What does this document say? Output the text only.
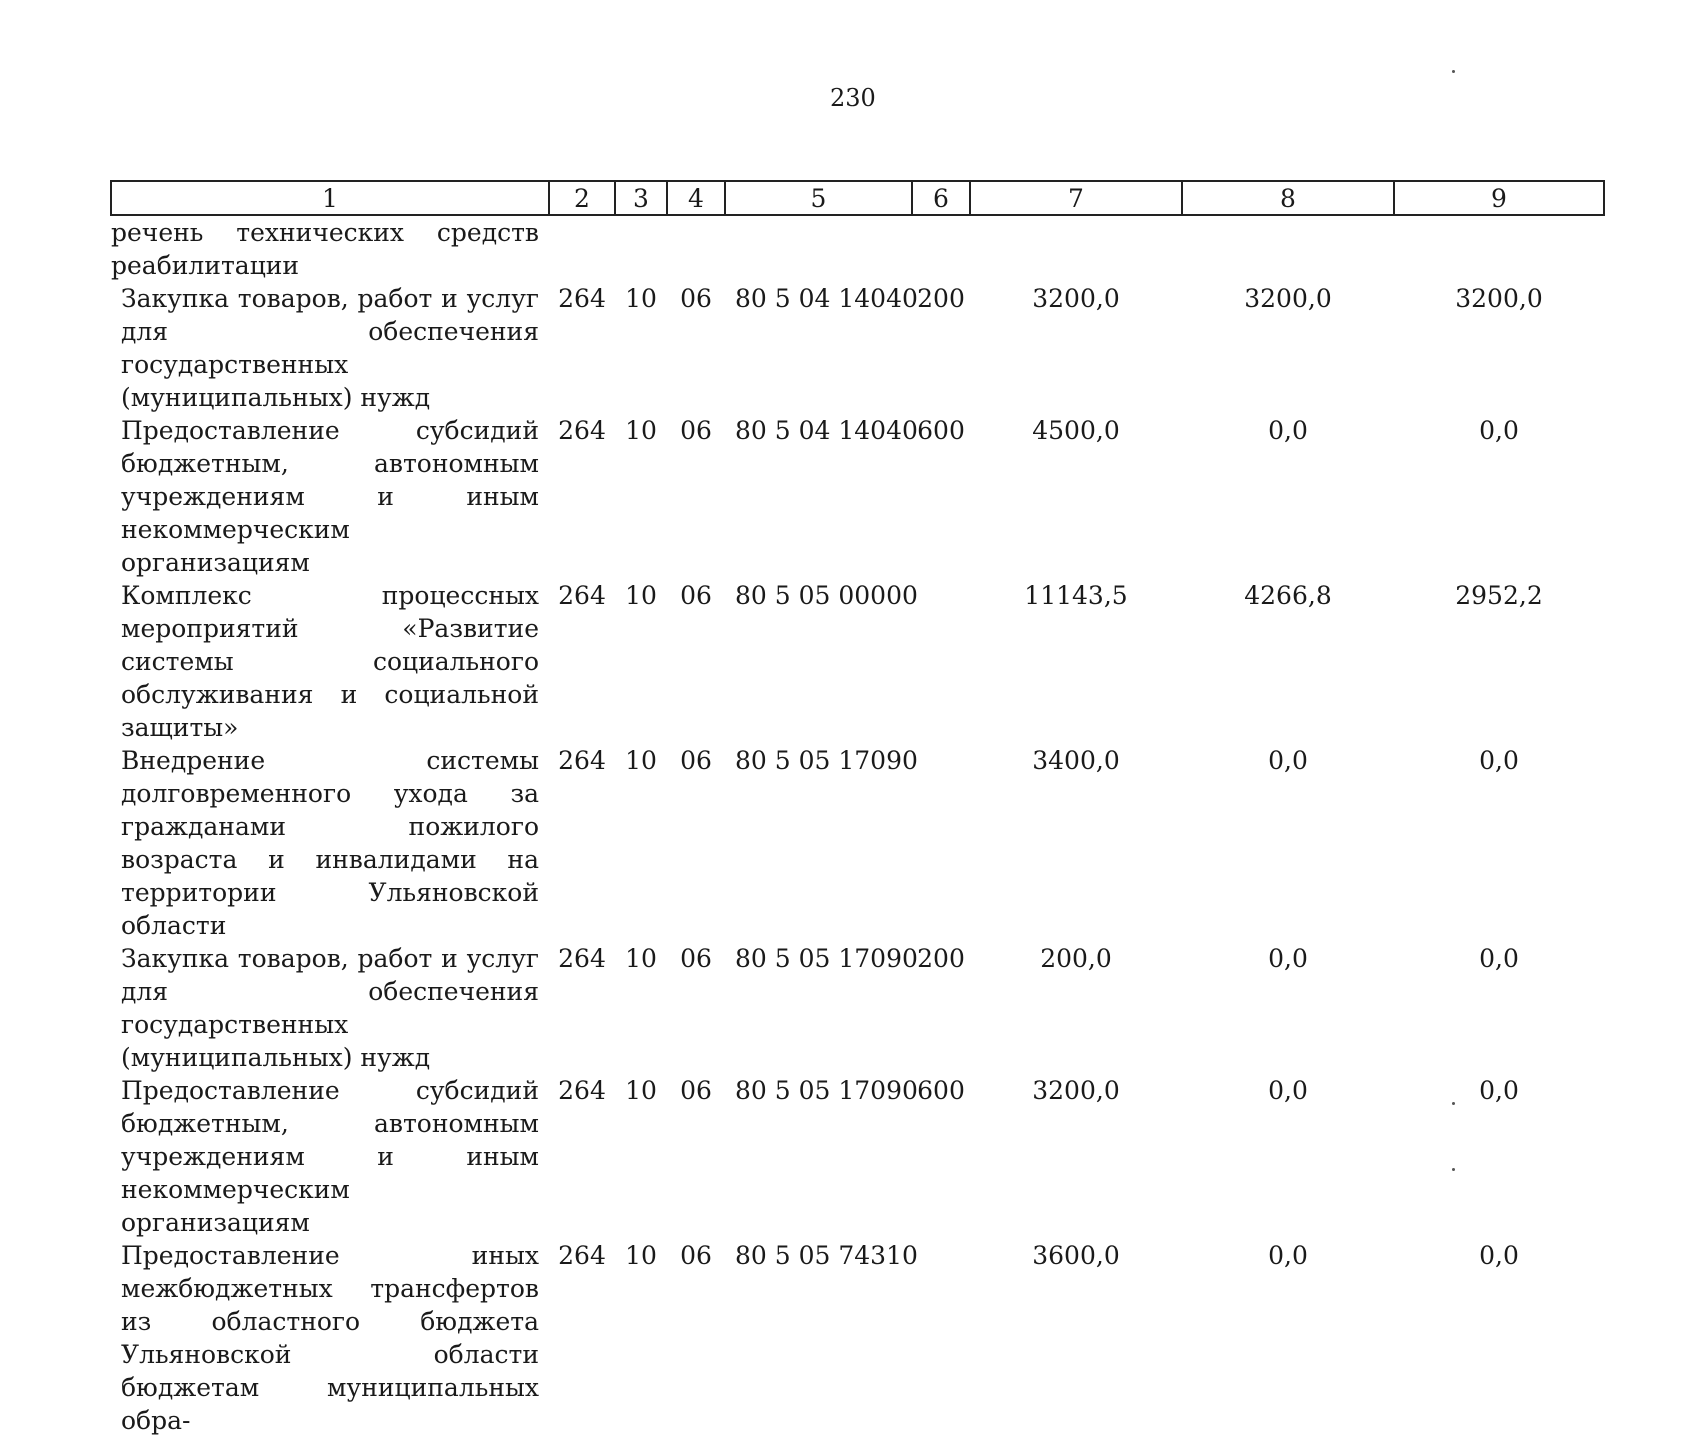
230
1	2	3	4	5	6	7	8	9
речень технических средств реабилитации								
Закупка товаров, работ и услуг для обеспечения государственных (муниципальных) нужд	264	10	06	80 5 04 14040	200	3200,0	3200,0	3200,0
Предоставление субсидий бюджетным, автономным учреждениям и иным некоммерческим организациям	264	10	06	80 5 04 14040	600	4500,0	0,0	0,0
Комплекс процессных мероприятий «Развитие системы социального обслуживания и социальной защиты»	264	10	06	80 5 05 00000		11143,5	4266,8	2952,2
Внедрение системы долговременного ухода за гражданами пожилого возраста и инвалидами на территории Ульяновской области	264	10	06	80 5 05 17090		3400,0	0,0	0,0
Закупка товаров, работ и услуг для обеспечения государственных (муниципальных) нужд	264	10	06	80 5 05 17090	200	200,0	0,0	0,0
Предоставление субсидий бюджетным, автономным учреждениям и иным некоммерческим организациям	264	10	06	80 5 05 17090	600	3200,0	0,0	0,0
Предоставление иных межбюджетных трансфертов из областного бюджета Ульяновской области бюджетам муниципальных обра-	264	10	06	80 5 05 74310		3600,0	0,0	0,0
